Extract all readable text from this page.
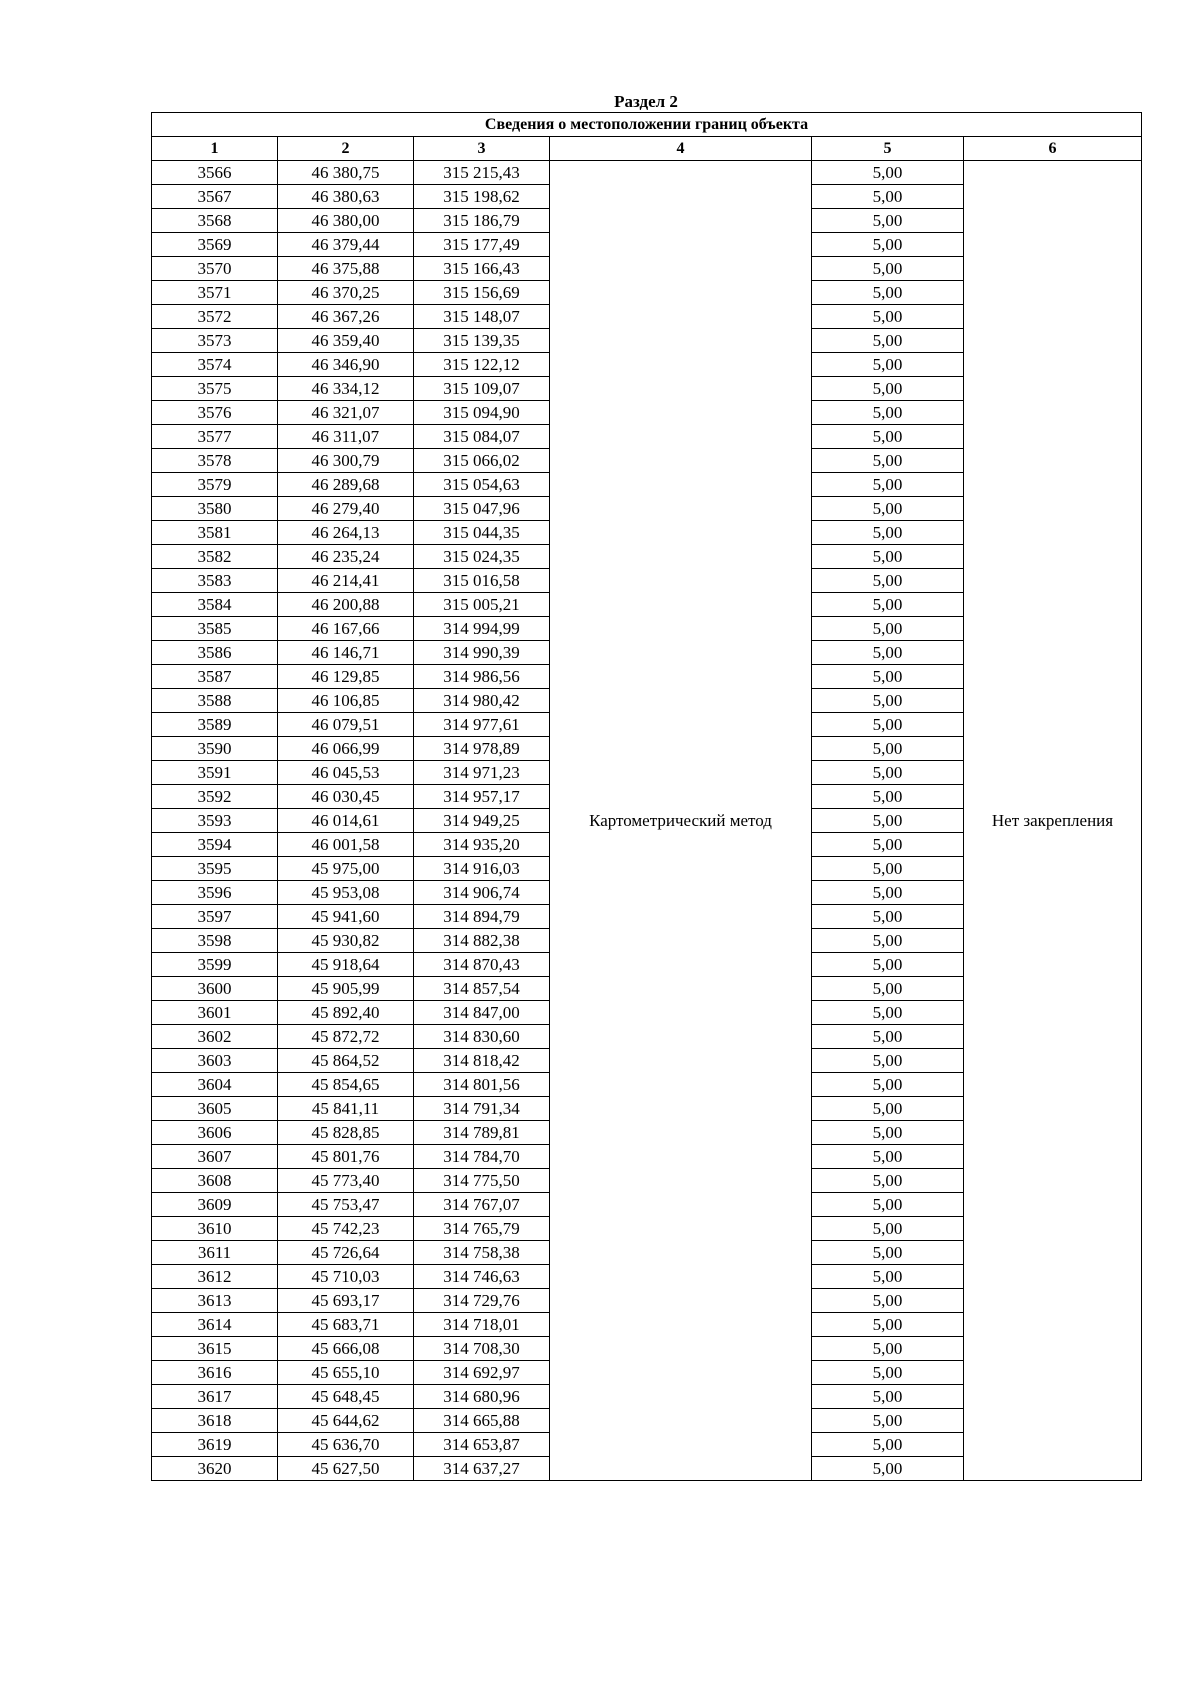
Раздел 2
Сведения о местоположении границ объекта					
1	2	3	4	5	6
3566	46 380,75	315 215,43	Картометрический метод	5,00	Нет закрепления
3567	46 380,63	315 198,62		5,00	
3568	46 380,00	315 186,79		5,00	
3569	46 379,44	315 177,49		5,00	
3570	46 375,88	315 166,43		5,00	
3571	46 370,25	315 156,69		5,00	
3572	46 367,26	315 148,07		5,00	
3573	46 359,40	315 139,35		5,00	
3574	46 346,90	315 122,12		5,00	
3575	46 334,12	315 109,07		5,00	
3576	46 321,07	315 094,90		5,00	
3577	46 311,07	315 084,07		5,00	
3578	46 300,79	315 066,02		5,00	
3579	46 289,68	315 054,63		5,00	
3580	46 279,40	315 047,96		5,00	
3581	46 264,13	315 044,35		5,00	
3582	46 235,24	315 024,35		5,00	
3583	46 214,41	315 016,58		5,00	
3584	46 200,88	315 005,21		5,00	
3585	46 167,66	314 994,99		5,00	
3586	46 146,71	314 990,39		5,00	
3587	46 129,85	314 986,56		5,00	
3588	46 106,85	314 980,42		5,00	
3589	46 079,51	314 977,61		5,00	
3590	46 066,99	314 978,89		5,00	
3591	46 045,53	314 971,23		5,00	
3592	46 030,45	314 957,17		5,00	
3593	46 014,61	314 949,25		5,00	
3594	46 001,58	314 935,20		5,00	
3595	45 975,00	314 916,03		5,00	
3596	45 953,08	314 906,74		5,00	
3597	45 941,60	314 894,79		5,00	
3598	45 930,82	314 882,38		5,00	
3599	45 918,64	314 870,43		5,00	
3600	45 905,99	314 857,54		5,00	
3601	45 892,40	314 847,00		5,00	
3602	45 872,72	314 830,60		5,00	
3603	45 864,52	314 818,42		5,00	
3604	45 854,65	314 801,56		5,00	
3605	45 841,11	314 791,34		5,00	
3606	45 828,85	314 789,81		5,00	
3607	45 801,76	314 784,70		5,00	
3608	45 773,40	314 775,50		5,00	
3609	45 753,47	314 767,07		5,00	
3610	45 742,23	314 765,79		5,00	
3611	45 726,64	314 758,38		5,00	
3612	45 710,03	314 746,63		5,00	
3613	45 693,17	314 729,76		5,00	
3614	45 683,71	314 718,01		5,00	
3615	45 666,08	314 708,30		5,00	
3616	45 655,10	314 692,97		5,00	
3617	45 648,45	314 680,96		5,00	
3618	45 644,62	314 665,88		5,00	
3619	45 636,70	314 653,87		5,00	
3620	45 627,50	314 637,27		5,00	
